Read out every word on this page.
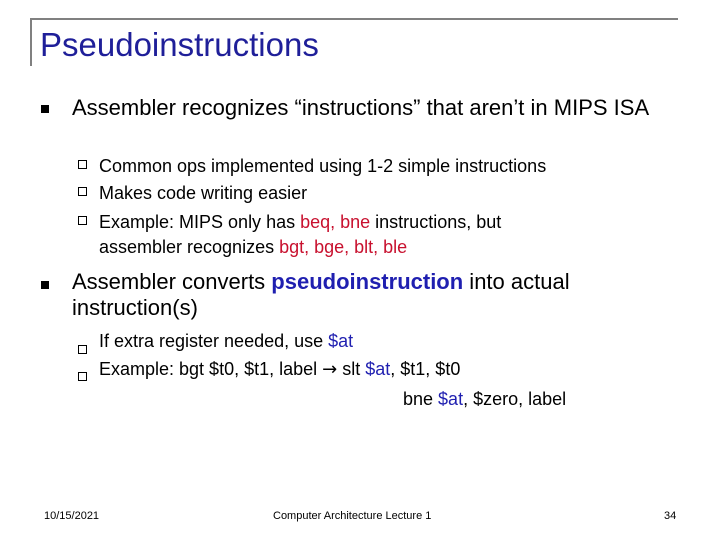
Pseudoinstructions
Assembler recognizes “instructions” that aren’t in MIPS ISA
Common ops implemented using 1-2 simple instructions
Makes code writing easier
Example: MIPS only has beq, bne instructions, but
assembler recognizes bgt, bge, blt, ble
Assembler converts pseudoinstruction into actual instruction(s)
If extra register needed, use $at
Example: bgt $t0, $t1, label → slt $at, $t1, $t0
bne $at, $zero, label
10/15/2021	Computer Architecture Lecture 1	34
